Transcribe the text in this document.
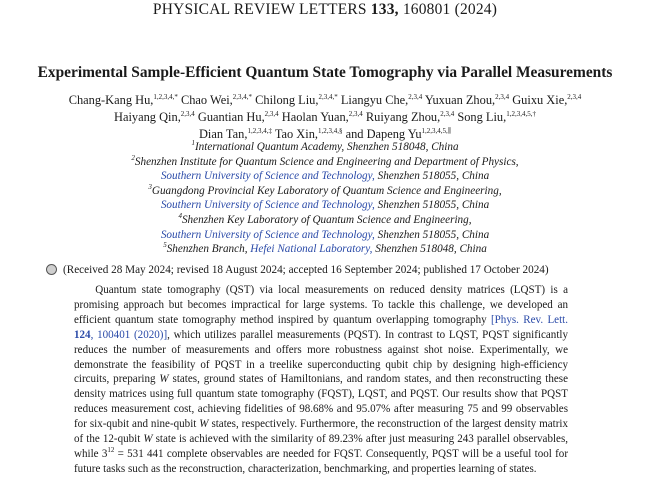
PHYSICAL REVIEW LETTERS 133, 160801 (2024)
Experimental Sample-Efficient Quantum State Tomography via Parallel Measurements
Chang-Kang Hu,$^{1,2,3,4,*}$ Chao Wei,$^{2,3,4,*}$ Chilong Liu,$^{2,3,4,*}$ Liangyu Che,$^{2,3,4}$ Yuxuan Zhou,$^{2,3,4}$ Guixu Xie,$^{2,3,4}$
Haiyang Qin,$^{2,3,4}$ Guantian Hu,$^{2,3,4}$ Haolan Yuan,$^{2,3,4}$ Ruiyang Zhou,$^{2,3,4}$ Song Liu,$^{1,2,3,4,5,\dagger}$
Dian Tan,$^{1,2,3,4,\ddagger}$ Tao Xin,$^{1,2,3,4,\S}$ and Dapeng $Yu^{1,2,3,4,5,\parallel}$
$^1$International Quantum Academy, Shenzhen 518048, China
$^2$Shenzhen Institute for Quantum Science and Engineering and Department of Physics,
Southern University of Science and Technology, Shenzhen 518055, China
$^3$Guangdong Provincial Key Laboratory of Quantum Science and Engineering,
Southern University of Science and Technology, Shenzhen 518055, China
$^4$Shenzhen Key Laboratory of Quantum Science and Engineering,
Southern University of Science and Technology, Shenzhen 518055, China
$^5$Shenzhen Branch, Hefei National Laboratory, Shenzhen 518048, China
(Received 28 May 2024; revised 18 August 2024; accepted 16 September 2024; published 17 October 2024)
Quantum state tomography (QST) via local measurements on reduced density matrices (LQST) is a promising approach but becomes impractical for large systems. To tackle this challenge, we developed an efficient quantum state tomography method inspired by quantum overlapping tomography [Phys. Rev. Lett. 124, 100401 (2020)], which utilizes parallel measurements (PQST). In contrast to LQST, PQST significantly reduces the number of measurements and offers more robustness against shot noise. Experimentally, we demonstrate the feasibility of PQST in a treelike superconducting qubit chip by designing high-efficiency circuits, preparing W states, ground states of Hamiltonians, and random states, and then reconstructing these density matrices using full quantum state tomography (FQST), LQST, and PQST. Our results show that PQST reduces measurement cost, achieving fidelities of 98.68% and 95.07% after measuring 75 and 99 observables for six-qubit and nine-qubit W states, respectively. Furthermore, the reconstruction of the largest density matrix of the 12-qubit W state is achieved with the similarity of 89.23% after just measuring 243 parallel observables, while $3^{12} = 531$ 441 complete observables are needed for FQST. Consequently, PQST will be a useful tool for future tasks such as the reconstruction, characterization, benchmarking, and properties learning of states.
